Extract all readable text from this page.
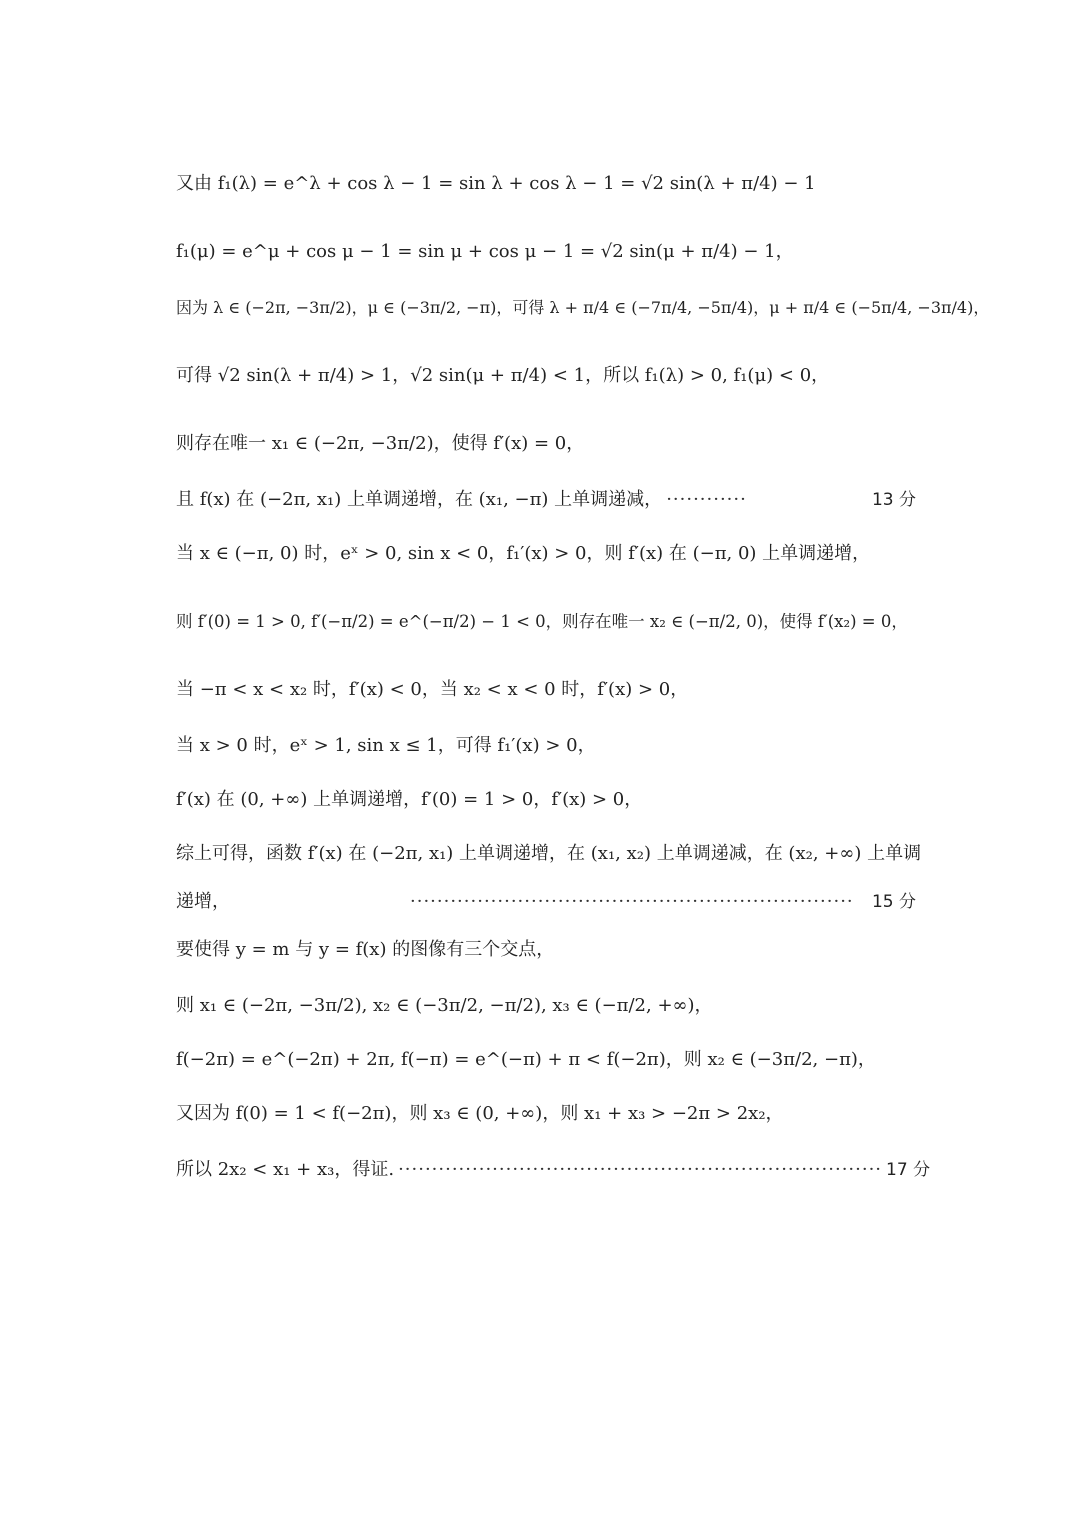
又由 f₁(λ) = e^λ + cos λ − 1 = sin λ + cos λ − 1 = √2 sin(λ + π/4) − 1
f₁(μ) = e^μ + cos μ − 1 = sin μ + cos μ − 1 = √2 sin(μ + π/4) − 1，
因为 λ ∈ (−2π, −3π/2)，μ ∈ (−3π/2, −π)，可得 λ + π/4 ∈ (−7π/4, −5π/4)，μ + π/4 ∈ (−5π/4, −3π/4)，
可得 √2 sin(λ + π/4) > 1，√2 sin(μ + π/4) < 1，所以 f₁(λ) > 0, f₁(μ) < 0，
则存在唯一 x₁ ∈ (−2π, −3π/2)，使得 f′(x) = 0，
且 f(x) 在 (−2π, x₁) 上单调递增，在 (x₁, −π) 上单调递减， ············	13 分
当 x ∈ (−π, 0) 时，eˣ > 0, sin x < 0，f₁′(x) > 0，则 f′(x) 在 (−π, 0) 上单调递增，
则 f′(0) = 1 > 0, f′(−π/2) = e^(−π/2) − 1 < 0，则存在唯一 x₂ ∈ (−π/2, 0)，使得 f′(x₂) = 0，
当 −π < x < x₂ 时，f′(x) < 0，当 x₂ < x < 0 时，f′(x) > 0，
当 x > 0 时，eˣ > 1, sin x ≤ 1，可得 f₁′(x) > 0，
f′(x) 在 (0, +∞) 上单调递增，f′(0) = 1 > 0，f′(x) > 0，
综上可得，函数 f′(x) 在 (−2π, x₁) 上单调递增，在 (x₁, x₂) 上单调递减，在 (x₂, +∞) 上单调
递增，	··································································	15 分
要使得 y = m 与 y = f(x) 的图像有三个交点，
则 x₁ ∈ (−2π, −3π/2), x₂ ∈ (−3π/2, −π/2), x₃ ∈ (−π/2, +∞)，
f(−2π) = e^(−2π) + 2π, f(−π) = e^(−π) + π < f(−2π)，则 x₂ ∈ (−3π/2, −π)，
又因为 f(0) = 1 < f(−2π)，则 x₃ ∈ (0, +∞)，则 x₁ + x₃ > −2π > 2x₂，
所以 2x₂ < x₁ + x₃，得证. ········································································ 17 分
